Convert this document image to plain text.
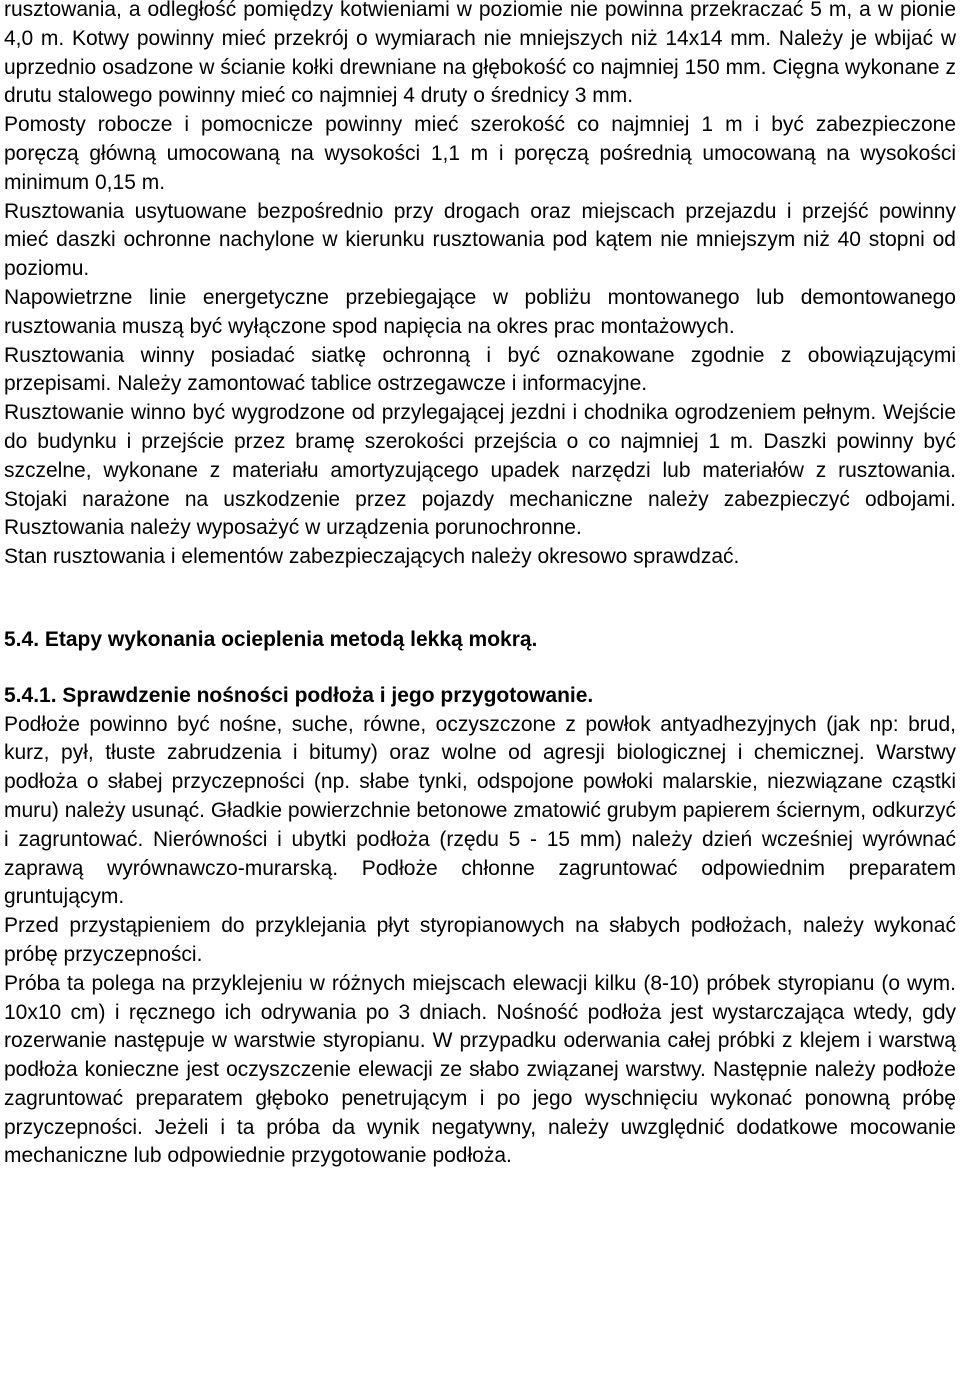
rusztowania, a odległość pomiędzy kotwieniami w poziomie nie powinna przekraczać 5 m, a w pionie 4,0 m. Kotwy powinny mieć przekrój o wymiarach nie mniejszych niż 14x14 mm. Należy je wbijać w uprzednio osadzone w ścianie kołki drewniane na głębokość co najmniej 150 mm. Cięgna wykonane z drutu stalowego powinny mieć co najmniej 4 druty o średnicy 3 mm.

Pomosty robocze i pomocnicze powinny mieć szerokość co najmniej 1 m i być zabezpieczone poręczą główną umocowaną na wysokości 1,1 m i poręczą pośrednią umocowaną na wysokości minimum 0,15 m.

Rusztowania usytuowane bezpośrednio przy drogach oraz miejscach przejazdu i przejść powinny mieć daszki ochronne nachylone w kierunku rusztowania pod kątem nie mniejszym niż 40 stopni od poziomu.

Napowietrzne linie energetyczne przebiegające w pobliżu montowanego lub demontowanego rusztowania muszą być wyłączone spod napięcia na okres prac montażowych.

Rusztowania winny posiadać siatkę ochronną i być oznakowane zgodnie z obowiązującymi przepisami. Należy zamontować tablice ostrzegawcze i informacyjne.

Rusztowanie winno być wygrodzone od przylegającej jezdni i chodnika ogrodzeniem pełnym. Wejście do budynku i przejście przez bramę szerokości przejścia o co najmniej 1 m. Daszki powinny być szczelne, wykonane z materiału amortyzującego upadek narzędzi lub materiałów z rusztowania. Stojaki narażone na uszkodzenie przez pojazdy mechaniczne należy zabezpieczyć odbojami. Rusztowania należy wyposażyć w urządzenia porunochronne.

Stan rusztowania i elementów zabezpieczających należy okresowo sprawdzać.

5.4. Etapy wykonania ocieplenia metodą lekką mokrą.

5.4.1. Sprawdzenie nośności podłoża i jego przygotowanie.

Podłoże powinno być nośne, suche, równe, oczyszczone z powłok antyadhezyjnych (jak np: brud, kurz, pył, tłuste zabrudzenia i bitumy) oraz wolne od agresji biologicznej i chemicznej. Warstwy podłoża o słabej przyczepności (np. słabe tynki, odspojone powłoki malarskie, niezwiązane cząstki muru) należy usunąć. Gładkie powierzchnie betonowe zmatowić grubym papierem ściernym, odkurzyć i zagruntować. Nierówności i ubytki podłoża (rzędu 5 - 15 mm) należy dzień wcześniej wyrównać zaprawą wyrównawczo-murarską. Podłoże chłonne zagruntować odpowiednim preparatem gruntującym.

Przed przystąpieniem do przyklejania płyt styropianowych na słabych podłożach, należy wykonać próbę przyczepności.

Próba ta polega na przyklejeniu w różnych miejscach elewacji kilku (8-10) próbek styropianu (o wym. 10x10 cm) i ręcznego ich odrywania po 3 dniach. Nośność podłoża jest wystarczająca wtedy, gdy rozerwanie następuje w warstwie styropianu. W przypadku oderwania całej próbki z klejem i warstwą podłoża konieczne jest oczyszczenie elewacji ze słabo związanej warstwy. Następnie należy podłoże zagruntować preparatem głęboko penetrującym i po jego wyschnięciu wykonać ponowną próbę przyczepności. Jeżeli i ta próba da wynik negatywny, należy uwzględnić dodatkowe mocowanie mechaniczne lub odpowiednie przygotowanie podłoża.
